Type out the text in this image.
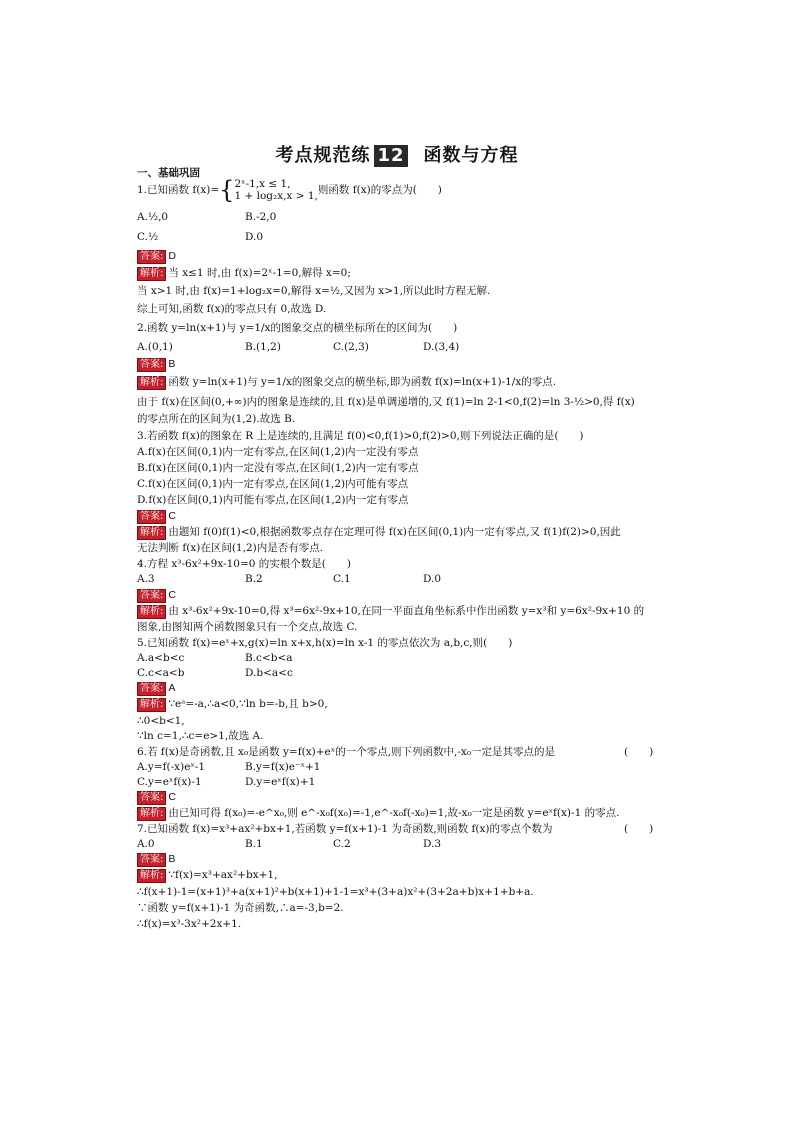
考点规范练 12 函数与方程
一、基础巩固
1.已知函数 f(x)={ 2ˣ-1,x ≤ 1,
1 + log₂x,x > 1, 则函数 f(x)的零点为(　　)
A.½,0	B.-2,0
C.½	D.0
答案: D
解析: 当 x≤1 时,由 f(x)=2ˣ-1=0,解得 x=0;
当 x>1 时,由 f(x)=1+log₂x=0,解得 x=½,又因为 x>1,所以此时方程无解.
综上可知,函数 f(x)的零点只有 0,故选 D.
2.函数 y=ln(x+1)与 y=1/x的图象交点的横坐标所在的区间为(　　)
A.(0,1)	B.(1,2)	C.(2,3)	D.(3,4)
答案: B
解析: 函数 y=ln(x+1)与 y=1/x的图象交点的横坐标,即为函数 f(x)=ln(x+1)-1/x的零点.
由于 f(x)在区间(0,+∞)内的图象是连续的,且 f(x)是单调递增的,又 f(1)=ln 2-1<0,f(2)=ln 3-½>0,得 f(x)
的零点所在的区间为(1,2).故选 B.
3.若函数 f(x)的图象在 R 上是连续的,且满足 f(0)<0,f(1)>0,f(2)>0,则下列说法正确的是(　　)
A.f(x)在区间(0,1)内一定有零点,在区间(1,2)内一定没有零点
B.f(x)在区间(0,1)内一定没有零点,在区间(1,2)内一定有零点
C.f(x)在区间(0,1)内一定有零点,在区间(1,2)内可能有零点
D.f(x)在区间(0,1)内可能有零点,在区间(1,2)内一定有零点
答案: C
解析: 由题知 f(0)f(1)<0,根据函数零点存在定理可得 f(x)在区间(0,1)内一定有零点,又 f(1)f(2)>0,因此
无法判断 f(x)在区间(1,2)内是否有零点.
4.方程 x³-6x²+9x-10=0 的实根个数是(　　)
A.3	B.2	C.1	D.0
答案: C
解析: 由 x³-6x²+9x-10=0,得 x³=6x²-9x+10,在同一平面直角坐标系中作出函数 y=x³和 y=6x²-9x+10 的
图象,由图知两个函数图象只有一个交点,故选 C.
5.已知函数 f(x)=eˣ+x,g(x)=ln x+x,h(x)=ln x-1 的零点依次为 a,b,c,则(　　)
A.a<b<c	B.c<b<a
C.c<a<b	D.b<a<c
答案: A
解析: ∵eᵃ=-a,∴a<0,∵ln b=-b,且 b>0,
∴0<b<1,
∵ln c=1,∴c=e>1,故选 A.
6.若 f(x)是奇函数,且 x₀是函数 y=f(x)+eˣ的一个零点,则下列函数中,-x₀一定是其零点的是	(　　)
A.y=f(-x)eˣ-1	B.y=f(x)e⁻ˣ+1
C.y=eˣf(x)-1	D.y=eˣf(x)+1
答案: C
解析: 由已知可得 f(x₀)=-e^x₀,则 e^-x₀f(x₀)=-1,e^-x₀f(-x₀)=1,故-x₀一定是函数 y=eˣf(x)-1 的零点.
7.已知函数 f(x)=x³+ax²+bx+1,若函数 y=f(x+1)-1 为奇函数,则函数 f(x)的零点个数为	(　　)
A.0	B.1	C.2	D.3
答案: B
解析: ∵f(x)=x³+ax²+bx+1,
∴f(x+1)-1=(x+1)³+a(x+1)²+b(x+1)+1-1=x³+(3+a)x²+(3+2a+b)x+1+b+a.
∵函数 y=f(x+1)-1 为奇函数,∴a=-3,b=2.
∴f(x)=x³-3x²+2x+1.
